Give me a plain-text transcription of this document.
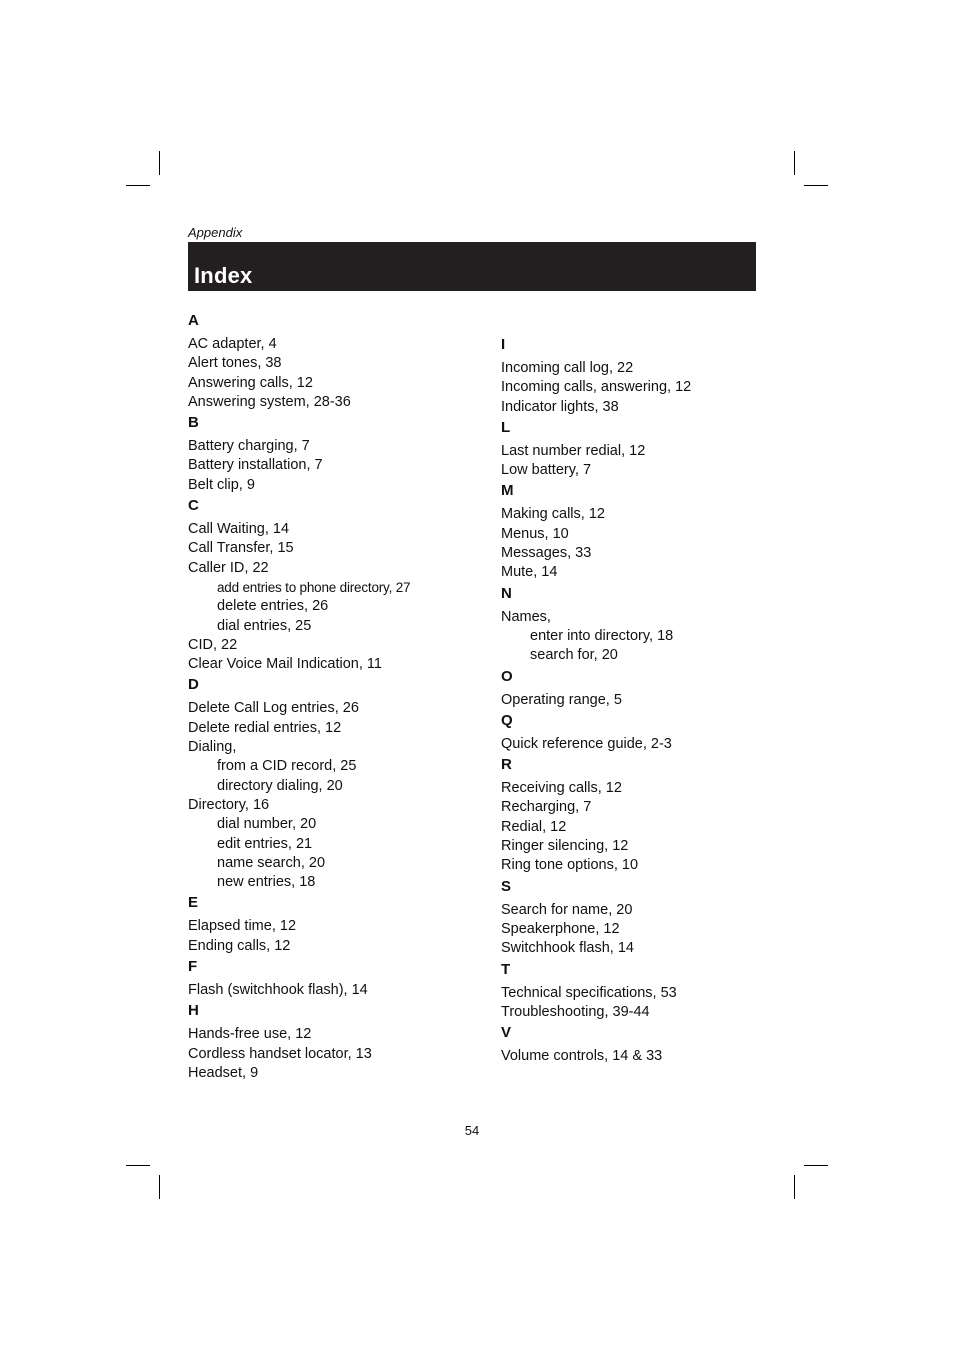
Appendix
Index
A
AC adapter, 4
Alert tones, 38
Answering calls, 12
Answering system, 28-36
B
Battery charging, 7
Battery installation, 7
Belt clip, 9
C
Call Waiting, 14
Call Transfer, 15
Caller ID, 22
add entries to phone directory, 27
delete entries, 26
dial entries, 25
CID, 22
Clear Voice Mail Indication, 11
D
Delete Call Log entries, 26
Delete redial entries, 12
Dialing,
from a CID record, 25
directory dialing, 20
Directory, 16
dial number, 20
edit entries, 21
name search, 20
new entries, 18
E
Elapsed time, 12
Ending calls, 12
F
Flash (switchhook flash), 14
H
Hands-free use, 12
Cordless handset locator, 13
Headset, 9
I
Incoming call log, 22
Incoming calls, answering, 12
Indicator lights, 38
L
Last number redial, 12
Low battery, 7
M
Making calls, 12
Menus, 10
Messages, 33
Mute, 14
N
Names,
enter into directory, 18
search for, 20
O
Operating range, 5
Q
Quick reference guide, 2-3
R
Receiving calls, 12
Recharging, 7
Redial, 12
Ringer silencing, 12
Ring tone options, 10
S
Search for name, 20
Speakerphone, 12
Switchhook flash, 14
T
Technical specifications, 53
Troubleshooting, 39-44
V
Volume controls, 14 & 33
54
